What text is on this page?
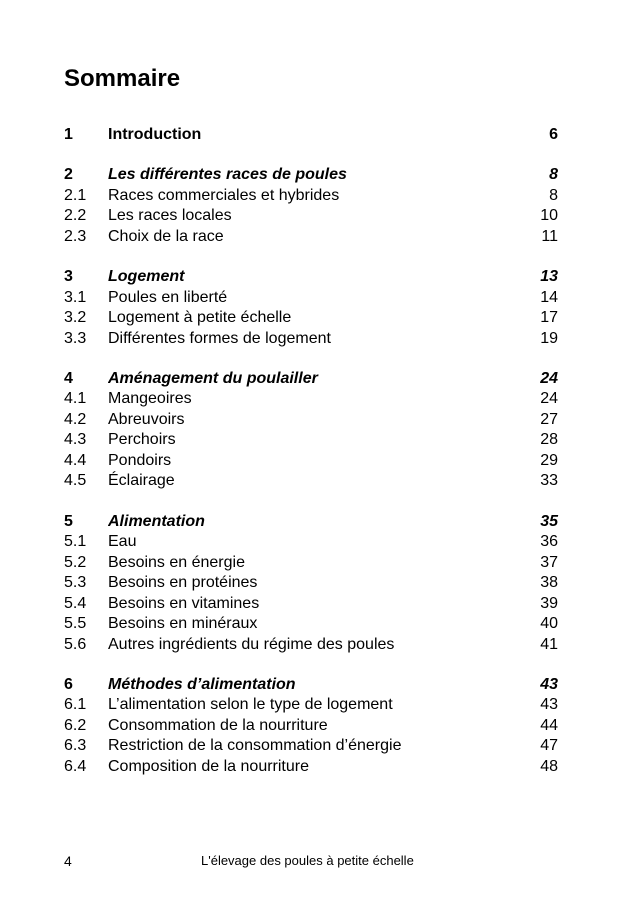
Sommaire
1	Introduction	6
2	Les différentes races de poules	8
2.1	Races commerciales et hybrides	8
2.2	Les races locales	10
2.3	Choix de la race	11
3	Logement	13
3.1	Poules en liberté	14
3.2	Logement à petite échelle	17
3.3	Différentes formes de logement	19
4	Aménagement du poulailler	24
4.1	Mangeoires	24
4.2	Abreuvoirs	27
4.3	Perchoirs	28
4.4	Pondoirs	29
4.5	Éclairage	33
5	Alimentation	35
5.1	Eau	36
5.2	Besoins en énergie	37
5.3	Besoins en protéines	38
5.4	Besoins en vitamines	39
5.5	Besoins en minéraux	40
5.6	Autres ingrédients du régime des poules	41
6	Méthodes d’alimentation	43
6.1	L’alimentation selon le type de logement	43
6.2	Consommation de la nourriture	44
6.3	Restriction de la consommation d’énergie	47
6.4	Composition de la nourriture	48
4	L'élevage des poules à petite échelle
